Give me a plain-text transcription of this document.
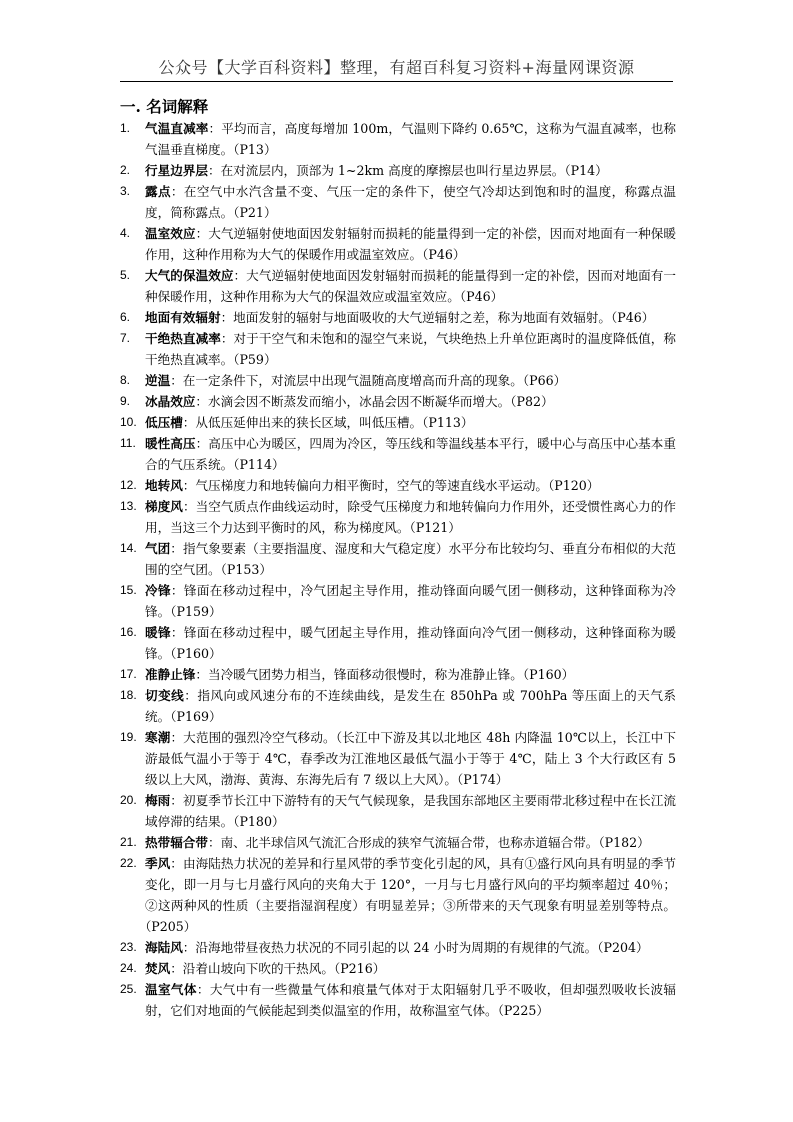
公众号【大学百科资料】整理，有超百科复习资料+海量网课资源
一. 名词解释
1.	气温直减率：平均而言，高度每增加 100m，气温则下降约 0.65℃，这称为气温直减率，也称气温垂直梯度。（P13）
2.	行星边界层：在对流层内，顶部为 1~2km 高度的摩擦层也叫行星边界层。（P14）
3.	露点：在空气中水汽含量不变、气压一定的条件下，使空气冷却达到饱和时的温度，称露点温度，简称露点。（P21）
4.	温室效应：大气逆辐射使地面因发射辐射而损耗的能量得到一定的补偿，因而对地面有一种保暖作用，这种作用称为大气的保暖作用或温室效应。（P46）
5.	大气的保温效应：大气逆辐射使地面因发射辐射而损耗的能量得到一定的补偿，因而对地面有一种保暖作用，这种作用称为大气的保温效应或温室效应。（P46）
6.	地面有效辐射：地面发射的辐射与地面吸收的大气逆辐射之差，称为地面有效辐射。（P46）
7.	干绝热直减率：对于干空气和未饱和的湿空气来说，气块绝热上升单位距离时的温度降低值，称干绝热直减率。（P59）
8.	逆温：在一定条件下，对流层中出现气温随高度增高而升高的现象。（P66）
9.	冰晶效应：水滴会因不断蒸发而缩小，冰晶会因不断凝华而增大。（P82）
10. 低压槽：从低压延伸出来的狭长区域，叫低压槽。（P113）
11. 暖性高压：高压中心为暖区，四周为冷区，等压线和等温线基本平行，暖中心与高压中心基本重合的气压系统。（P114）
12. 地转风：气压梯度力和地转偏向力相平衡时，空气的等速直线水平运动。（P120）
13. 梯度风：当空气质点作曲线运动时，除受气压梯度力和地转偏向力作用外，还受惯性离心力的作用，当这三个力达到平衡时的风，称为梯度风。（P121）
14. 气团：指气象要素（主要指温度、湿度和大气稳定度）水平分布比较均匀、垂直分布相似的大范围的空气团。（P153）
15. 冷锋：锋面在移动过程中，冷气团起主导作用，推动锋面向暖气团一侧移动，这种锋面称为冷锋。（P159）
16. 暖锋：锋面在移动过程中，暖气团起主导作用，推动锋面向冷气团一侧移动，这种锋面称为暖锋。（P160）
17. 准静止锋：当冷暖气团势力相当，锋面移动很慢时，称为准静止锋。（P160）
18. 切变线：指风向或风速分布的不连续曲线，是发生在 850hPa 或 700hPa 等压面上的天气系统。（P169）
19. 寒潮：大范围的强烈冷空气移动。（长江中下游及其以北地区 48h 内降温 10℃以上，长江中下游最低气温小于等于 4℃，春季改为江淮地区最低气温小于等于 4℃，陆上 3 个大行政区有 5 级以上大风，渤海、黄海、东海先后有 7 级以上大风）。（P174）
20. 梅雨：初夏季节长江中下游特有的天气气候现象，是我国东部地区主要雨带北移过程中在长江流域停滞的结果。（P180）
21. 热带辐合带：南、北半球信风气流汇合形成的狭窄气流辐合带，也称赤道辐合带。（P182）
22. 季风：由海陆热力状况的差异和行星风带的季节变化引起的风，具有①盛行风向具有明显的季节变化，即一月与七月盛行风向的夹角大于 120°，一月与七月盛行风向的平均频率超过 40％；②这两种风的性质（主要指湿润程度）有明显差异；③所带来的天气现象有明显差别等特点。（P205）
23. 海陆风：沿海地带昼夜热力状况的不同引起的以 24 小时为周期的有规律的气流。（P204）
24. 焚风：沿着山坡向下吹的干热风。（P216）
25. 温室气体：大气中有一些微量气体和痕量气体对于太阳辐射几乎不吸收，但却强烈吸收长波辐射，它们对地面的气候能起到类似温室的作用，故称温室气体。（P225）
